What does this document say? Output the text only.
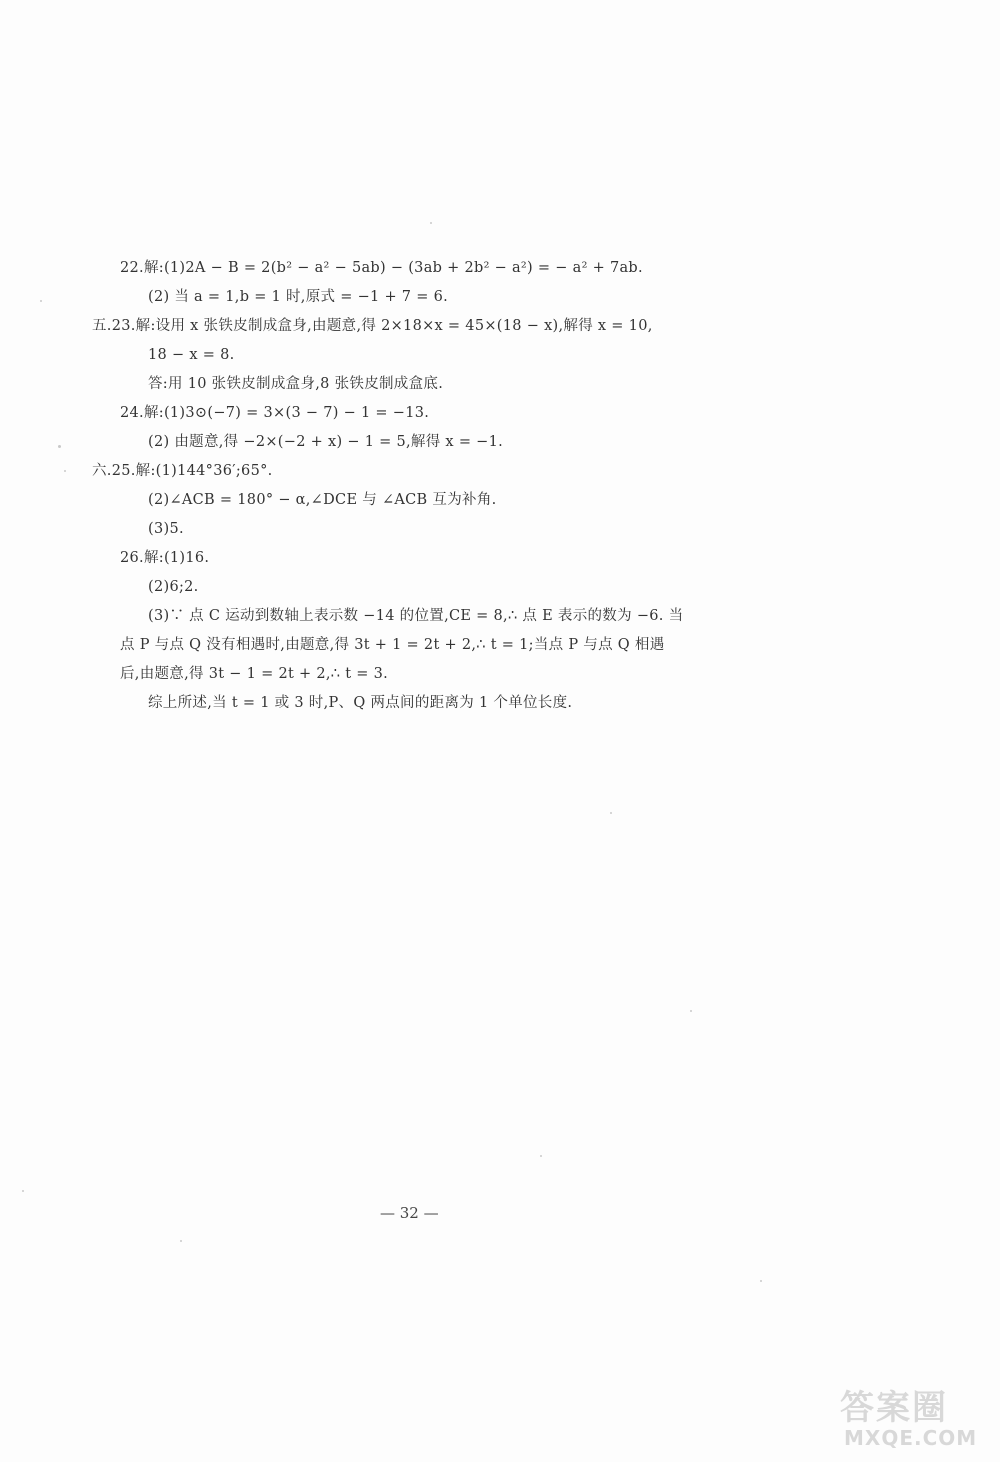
22.解:(1)2A − B = 2(b² − a² − 5ab) − (3ab + 2b² − a²) = − a² + 7ab.
(2) 当 a = 1,b = 1 时,原式 = −1 + 7 = 6.
五.23.解:设用 x 张铁皮制成盒身,由题意,得 2×18×x = 45×(18 − x),解得 x = 10,
18 − x = 8.
答:用 10 张铁皮制成盒身,8 张铁皮制成盒底.
24.解:(1)3⊙(−7) = 3×(3 − 7) − 1 = −13.
(2) 由题意,得 −2×(−2 + x) − 1 = 5,解得 x = −1.
六.25.解:(1)144°36′;65°.
(2)∠ACB = 180° − α,∠DCE 与 ∠ACB 互为补角.
(3)5.
26.解:(1)16.
(2)6;2.
(3)∵ 点 C 运动到数轴上表示数 −14 的位置,CE = 8,∴ 点 E 表示的数为 −6. 当
点 P 与点 Q 没有相遇时,由题意,得 3t + 1 = 2t + 2,∴ t = 1;当点 P 与点 Q 相遇
后,由题意,得 3t − 1 = 2t + 2,∴ t = 3.
综上所述,当 t = 1 或 3 时,P、Q 两点间的距离为 1 个单位长度.
— 32 —
答案圈
MXQE.COM
